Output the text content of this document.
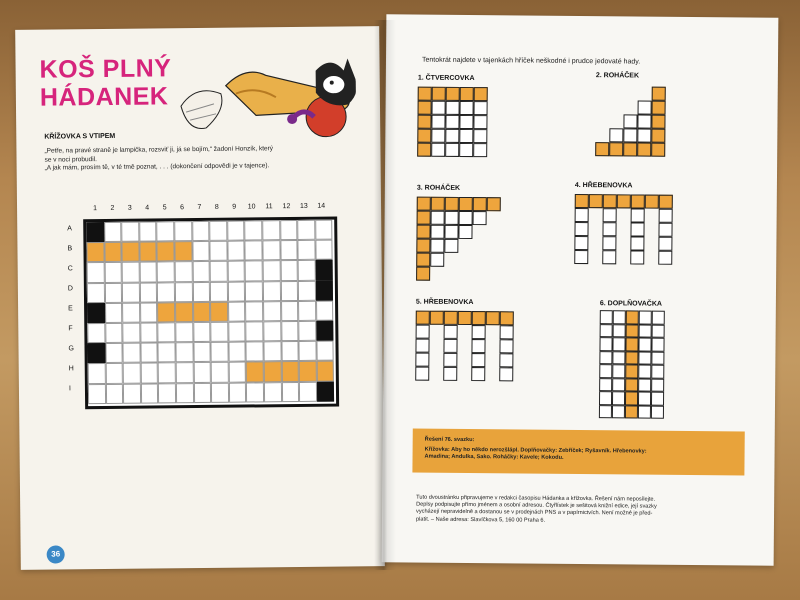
KOŠ PLNÝ
HÁDANEK
KŘÍŽOVKA S VTIPEM
„Petře, na pravé straně je lampička, rozsviť ji, já se bojím,“ žadoní Honzík, který
se v noci probudil.
„A jak mám, prosím tě, v té tmě poznat, . . . (dokončení odpovědi je v tajence).
1	2	3	4	5	6	7	8	9	10	11	12	13	14
A
B
C
D
E
F
G
H
I
36
Tentokrát najdete v tajenkách hříček neškodné i prudce jedovaté hady.
1. ČTVERCOVKA	2. ROHÁČEK
3. ROHÁČEK	4. HŘEBENOVKA
5. HŘEBENOVKA	6. DOPLŇOVAČKA
Řešení 76. svazku:
Křížovka: Aby ho někdo nerozšlápl. Doplňovačky: Zebříček; Ryšavník. Hřebenovky:
Amadina; Andulka, Sako. Roháčky: Kavele; Kokodu.
Tuto dvoustránku připravujeme v redakci časopisu Hádanka a křížovka. Řešení nám neposílejte.
Deplsy podpisujte přímo jménem a osobní adresou. Čtyřlístek je sešitová knižní edice, její svazky
vycházejí nepravidelně a dostanou se v prodejnách PNS a v papírnictvích. Není možné je před-
platit. – Naše adresa: Slavíčkova 5, 160 00 Praha 6.
